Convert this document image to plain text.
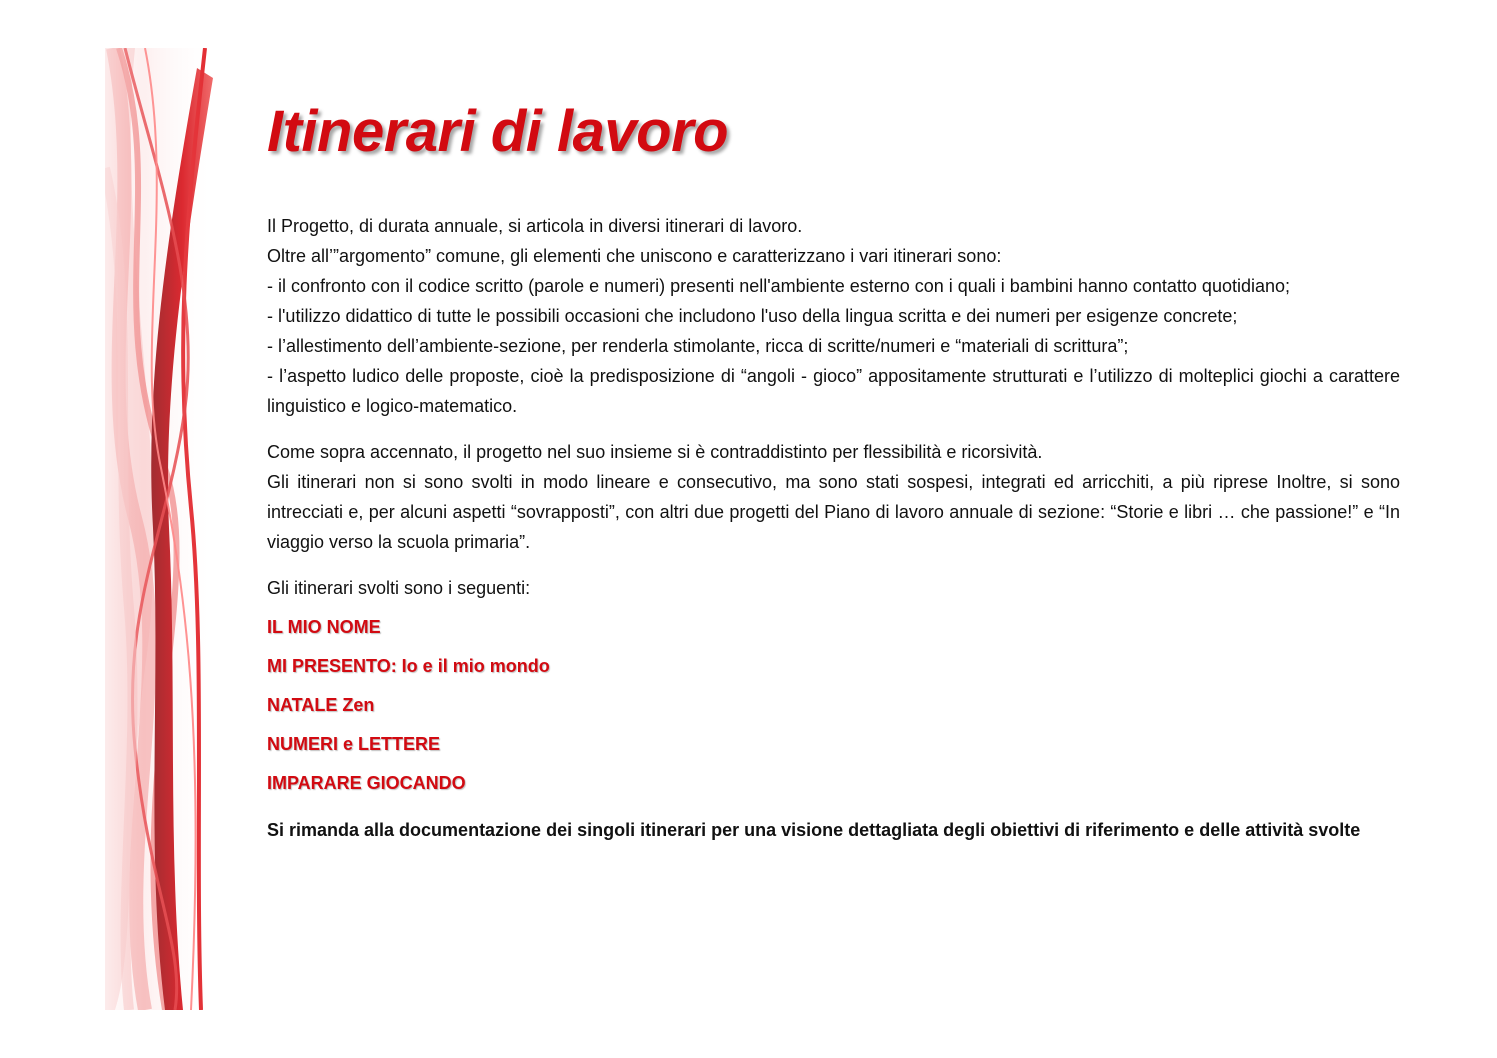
Itinerari di lavoro
Il Progetto, di durata annuale, si articola in diversi itinerari di lavoro.
Oltre all’”argomento” comune, gli elementi che uniscono e caratterizzano i vari itinerari sono:
- il confronto con il codice scritto (parole e numeri) presenti nell'ambiente esterno con i quali i bambini hanno contatto quotidiano;
- l'utilizzo didattico di tutte le possibili occasioni che includono l'uso della lingua scritta e dei numeri per esigenze concrete;
- l’allestimento dell’ambiente-sezione, per renderla stimolante, ricca di scritte/numeri e “materiali di scrittura”;
- l’aspetto ludico delle proposte, cioè la predisposizione di “angoli - gioco” appositamente strutturati e l’utilizzo di molteplici giochi a carattere linguistico e logico-matematico.
Come sopra accennato, il progetto nel suo insieme si è contraddistinto per flessibilità e ricorsività.
Gli itinerari non si sono svolti in modo lineare e consecutivo, ma sono stati sospesi, integrati ed arricchiti, a più riprese Inoltre, si sono intrecciati e, per alcuni aspetti “sovrapposti”, con altri due progetti del Piano di lavoro annuale di sezione: “Storie e libri … che passione!” e “In viaggio verso la scuola primaria”.

Gli itinerari svolti sono i seguenti:

IL MIO NOME
MI PRESENTO: Io e il mio mondo
NATALE Zen
NUMERI e LETTERE
IMPARARE GIOCANDO

Si rimanda alla documentazione dei singoli itinerari per una visione dettagliata degli obiettivi di riferimento e delle attività svolte
